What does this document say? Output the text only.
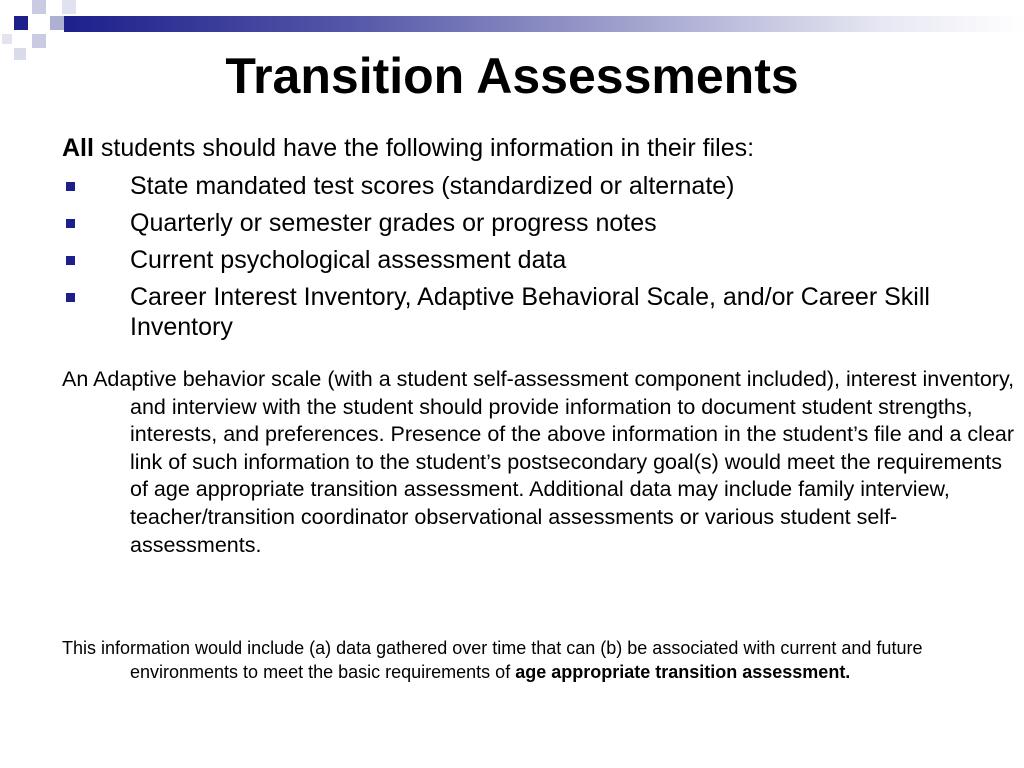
Transition Assessments

All students should have the following information in their files:

State mandated test scores (standardized or alternate)
Quarterly or semester grades or progress notes
Current psychological assessment data
Career Interest Inventory, Adaptive Behavioral Scale, and/or Career Skill Inventory

An Adaptive behavior scale (with a student self-assessment component included), interest inventory, and interview with the student should provide information to document student strengths, interests, and preferences. Presence of the above information in the student’s file and a clear link of such information to the student’s postsecondary goal(s) would meet the requirements of age appropriate transition assessment. Additional data may include family interview, teacher/transition coordinator observational assessments or various student self-assessments.

This information would include (a) data gathered over time that can (b) be associated with current and future environments to meet the basic requirements of age appropriate transition assessment.
